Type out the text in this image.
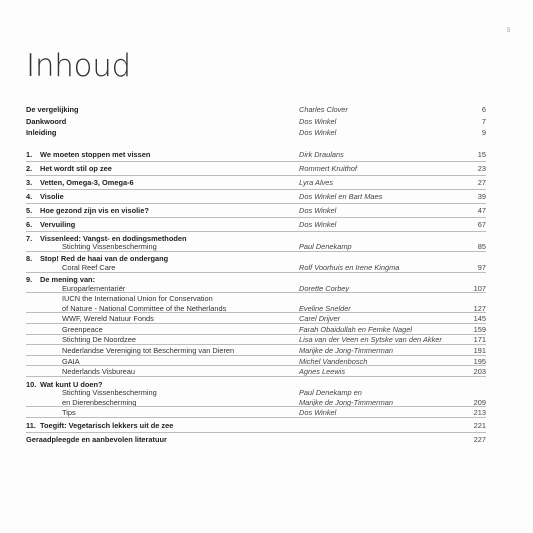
5
Inhoud
De vergelijking	Charles Clover	6
Dankwoord	Dos Winkel	7
Inleiding	Dos Winkel	9
1.	We moeten stoppen met vissen	Dirk Draulans	15
2.	Het wordt stil op zee	Rommert Kruithof	23
3.	Vetten, Omega-3, Omega-6	Lyra Alves	27
4.	Visolie	Dos Winkel en Bart Maes	39
5.	Hoe gezond zijn vis en visolie?	Dos Winkel	47
6.	Vervuiling	Dos Winkel	67
7.	Vissenleed: Vangst- en dodingsmethoden
Stichting Vissenbescherming	Paul Denekamp	85
8.	Stop! Red de haai van de ondergang
Coral Reef Care	Rolf Voorhuis en Irene Kingma	97
9.	De mening van:
Europarlementariër	Dorette Corbey	107
IUCN the International Union for Conservation
of Nature - National Committee of the Netherlands	Eveline Snelder	127
WWF, Wereld Natuur Fonds	Carel Drijver	145
Greenpeace	Farah Obaidullah en Femke Nagel	159
Stichting De Noordzee	Lisa van der Veen en Sytske van den Akker	171
Nederlandse Vereniging tot Bescherming van Dieren	Marijke de Jong-Timmerman	191
GAIA	Michel Vandenbosch	195
Nederlands Visbureau	Agnes Leewis	203
10. Wat kunt U doen?
Stichting Vissenbescherming	Paul Denekamp en
en Dierenbescherming	Marijke de Jong-Timmerman	209
Tips	Dos Winkel	213
11. Toegift: Vegetarisch lekkers uit de zee	221
Geraadpleegde en aanbevolen literatuur	227
